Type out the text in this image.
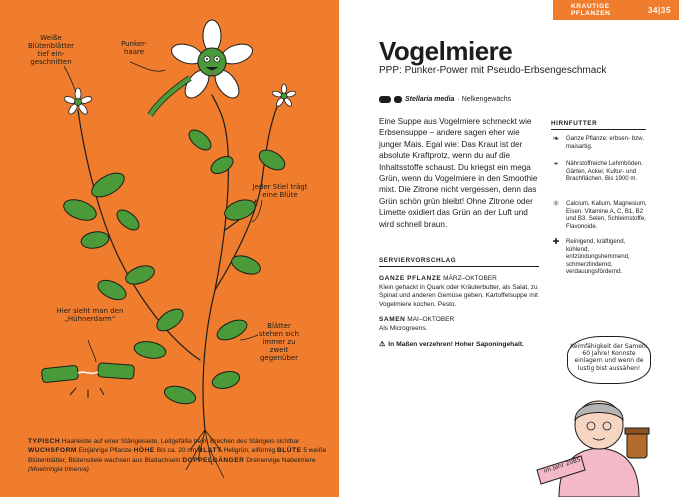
Weiße Blütenblätter tief ein- geschnitten
Punker- haare
Jeder Stiel trägt eine Blüte
Hier sieht man den „Hühnerdarm“
Blätter stehen sich immer zu zweit gegenüber
TYPISCH Haarleiste auf einer Stängelseite, Leitgefäße beim Brechen des Stängels sichtbar WUCHSFORM Einjährige Pflanze HÖHE Bis ca. 20 cm BLATT Hellgrün, eiförmig BLÜTE 5 weiße Blütenblätter, Blütenstiele wachsen aus Blattachseln DOPPELGÄNGER Dreinervige Nabelmiere (Moehringia trinerva)
KRAUTIGE PFLANZEN	34|35
Vogelmiere
PPP: Punker-Power mit Pseudo-Erbsengeschmack
Stellaria media · Nelkengewächs

Eine Suppe aus Vogelmiere schmeckt wie Erbsensuppe – andere sagen eher wie junger Mais. Egal wie: Das Kraut ist der absolute Kraftprotz, wenn du auf die Inhaltsstoffe schaust. Du kriegst ein mega Grün, wenn du Vogelmiere in den Smoothie mixt. Die Zitrone nicht vergessen, denn das Grün schön grün bleibt! Ohne Zitrone oder Limette oxidiert das Grün an der Luft und wird schnell braun.

SERVIERVORSCHLAG
GANZE PFLANZE MÄRZ–OKTOBER
Klein gehackt in Quark oder Kräuterbutter, als Salat, zu Spinat und anderen Gemüse geben. Kartoffelsuppe mit Vogelmiere kochen. Pesto.
SAMEN MAI–OKTOBER
Als Microgreens.
⚠ In Maßen verzehren! Hoher Saponingehalt.
HIRNFUTTER
❧ Ganze Pflanze: erbsen- bzw. maisartig.
⌖	Nährstoffreiche Lehmböden. Gärten, Acker, Kultur- und Brachflächen. Bis 1900 m.
⚛ Calcium, Kalium, Magnesium, Eisen. Vitamine A, C, B1, B2 und B3. Selen, Schleimstoffe, Flavonoide.
✚ Reinigend, kräftigend, kühlend, entzündungshemmend, schmerzlindernd, verdauungsfördernd.
Keimfähigkeit der Samen: 60 Jahre! Konnste einlagern und wenn de lustig bist aussähen!
im Jahr 2085
